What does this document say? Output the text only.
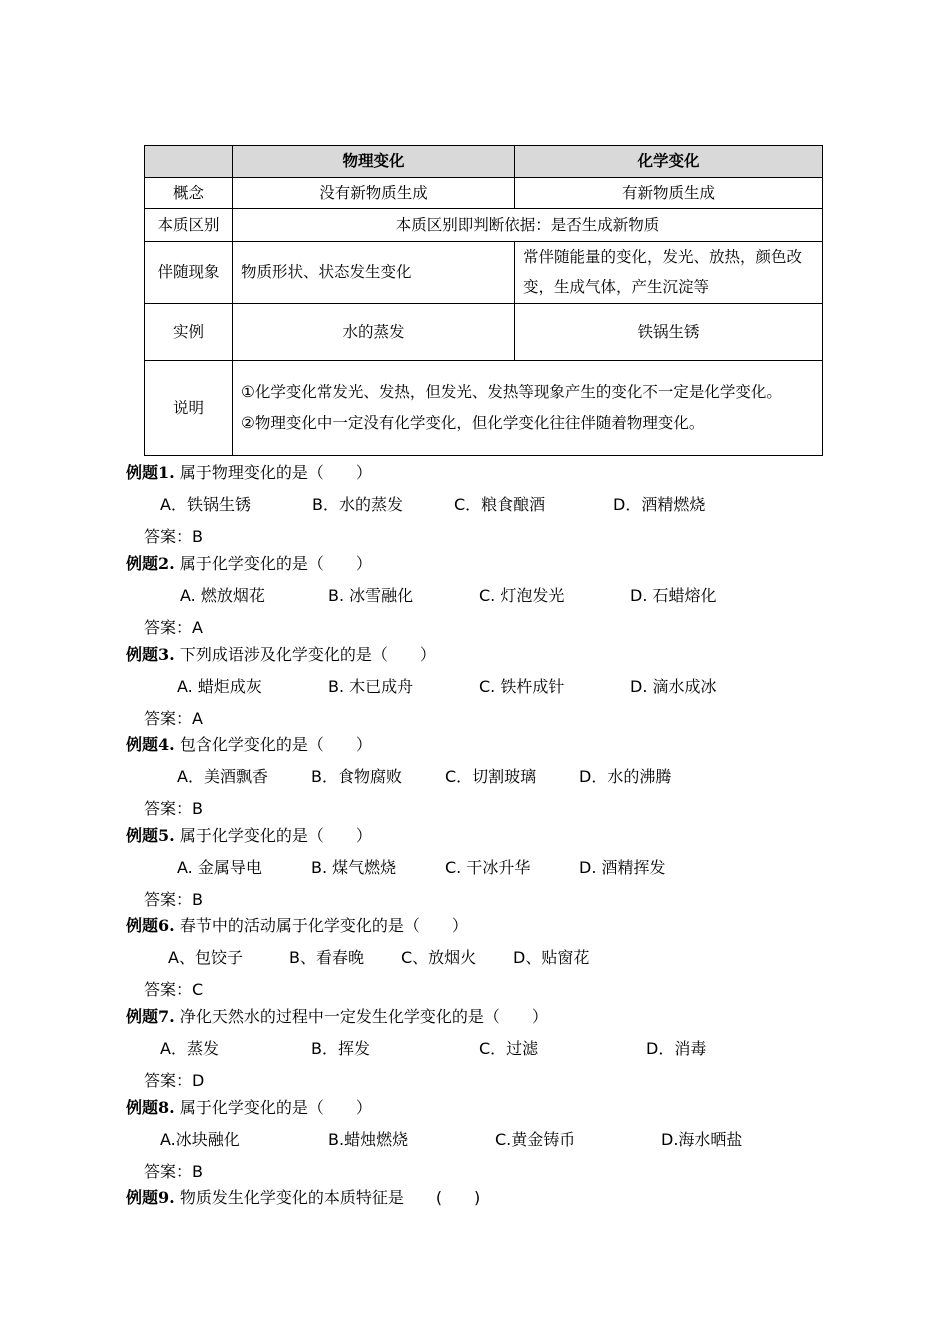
	物理变化	化学变化
概念	没有新物质生成	有新物质生成
本质区别	本质区别即判断依据：是否生成新物质	
伴随现象	物质形状、状态发生变化	常伴随能量的变化，发光、放热，颜色改变，生成气体，产生沉淀等
实例	水的蒸发	铁锅生锈
说明	①化学变化常发光、发热，但发光、发热等现象产生的变化不一定是化学变化。
②物理变化中一定没有化学变化，但化学变化往往伴随着物理变化。	
例题1. 属于物理变化的是（　　）
A．铁锅生锈	B．水的蒸发	C．粮食酿酒	D．酒精燃烧
答案：B
例题2. 属于化学变化的是（　　）
A. 燃放烟花	B. 冰雪融化	C. 灯泡发光	D. 石蜡熔化
答案：A
例题3. 下列成语涉及化学变化的是（　　）
A. 蜡炬成灰	B. 木已成舟	C. 铁杵成针	D. 滴水成冰
答案：A
例题4. 包含化学变化的是（　　）
A．美酒飘香	B．食物腐败	C．切割玻璃	D．水的沸腾
答案：B
例题5. 属于化学变化的是（　　）
A. 金属导电	B. 煤气燃烧	C. 干冰升华	D. 酒精挥发
答案：B
例题6. 春节中的活动属于化学变化的是（　　）
A、包饺子	B、看春晚 C、放烟火 D、贴窗花
答案：C
例题7. 净化天然水的过程中一定发生化学变化的是（　　）
A．蒸发	B．挥发	C．过滤	D．消毒
答案：D
例题8. 属于化学变化的是（　　）
A.冰块融化	B.蜡烛燃烧	C.黄金铸币	D.海水晒盐
答案：B
例题9. 物质发生化学变化的本质特征是　　(　　)
